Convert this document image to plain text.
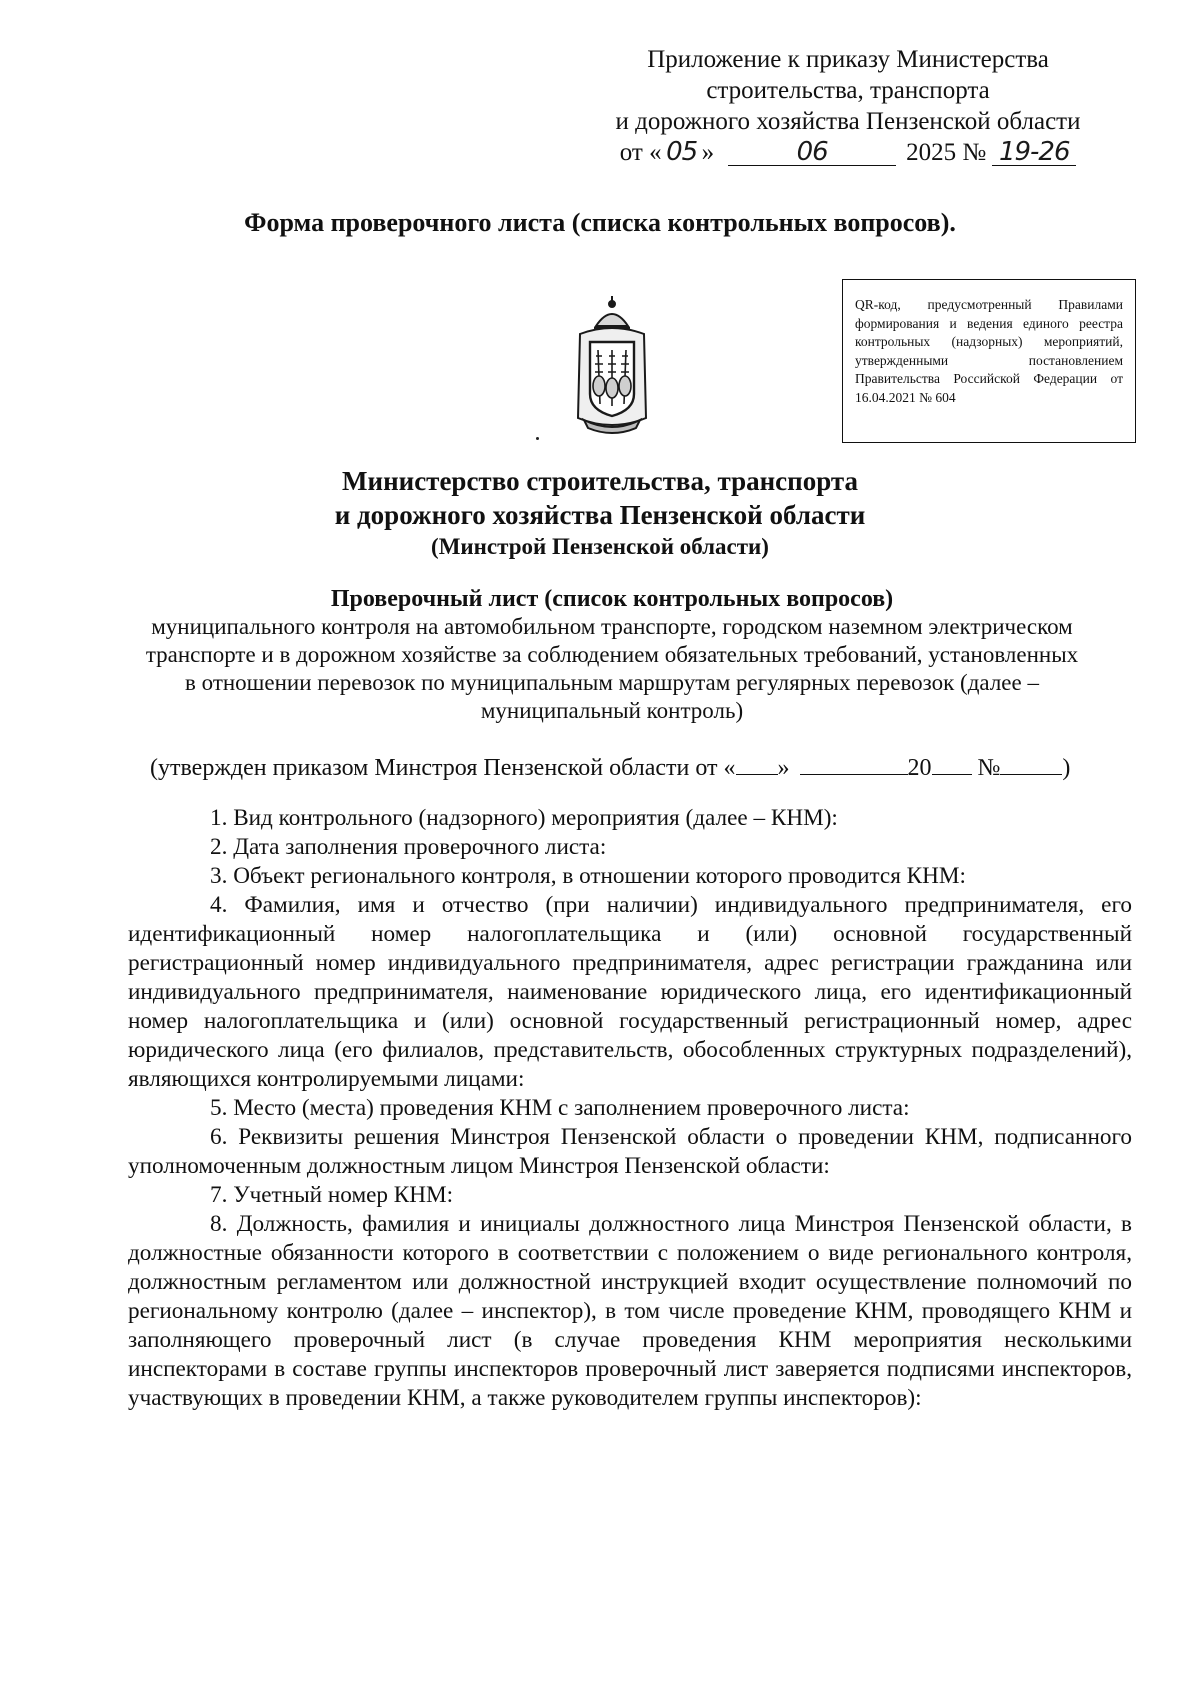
Приложение к приказу Министерства
строительства, транспорта
и дорожного хозяйства Пензенской области
от « 05 »	06	2025 № 19-26
Форма проверочного листа (списка контрольных вопросов).
QR-код, предусмотренный Правилами формирования и ведения единого реестра контрольных (надзорных) мероприятий, утвержденными постановлением Правительства Российской Федерации от 16.04.2021 № 604
Министерство строительства, транспорта
и дорожного хозяйства Пензенской области
(Минстрой Пензенской области)
Проверочный лист (список контрольных вопросов)
муниципального контроля на автомобильном транспорте, городском наземном электрическом
транспорте и в дорожном хозяйстве за соблюдением обязательных требований, установленных
в отношении перевозок по муниципальным маршрутам регулярных перевозок (далее –
муниципальный контроль)
(утвержден приказом Минстроя Пензенской области от « »	20 №	)

1. Вид контрольного (надзорного) мероприятия (далее – КНМ):

2. Дата заполнения проверочного листа:

3. Объект регионального контроля, в отношении которого проводится КНМ:

4. Фамилия, имя и отчество (при наличии) индивидуального предпринимателя, его идентификационный номер налогоплательщика и (или) основной государственный регистрационный номер индивидуального предпринимателя, адрес регистрации гражданина или индивидуального предпринимателя, наименование юридического лица, его идентификационный номер налогоплательщика и (или) основной государственный регистрационный номер, адрес юридического лица (его филиалов, представительств, обособленных структурных подразделений), являющихся контролируемыми лицами:

5. Место (места) проведения КНМ с заполнением проверочного листа:

6. Реквизиты решения Минстроя Пензенской области о проведении КНМ, подписанного уполномоченным должностным лицом Минстроя Пензенской области:

7. Учетный номер КНМ:

8. Должность, фамилия и инициалы должностного лица Минстроя Пензенской области, в должностные обязанности которого в соответствии с положением о виде регионального контроля, должностным регламентом или должностной инструкцией входит осуществление полномочий по региональному контролю (далее – инспектор), в том числе проведение КНМ, проводящего КНМ и заполняющего проверочный лист (в случае проведения КНМ мероприятия несколькими инспекторами в составе группы инспекторов проверочный лист заверяется подписями инспекторов, участвующих в проведении КНМ, а также руководителем группы инспекторов):
